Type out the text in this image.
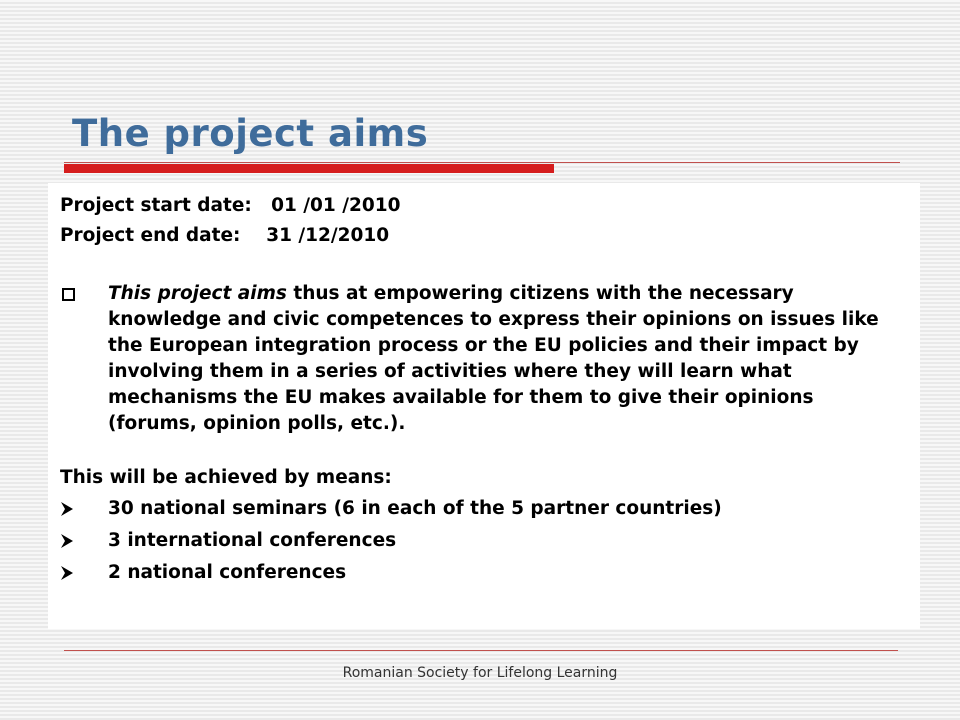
The project aims
Project start date:   01 /01 /2010
Project end date:    31 /12/2010
This project aims thus at empowering citizens with the necessary knowledge and civic competences to express their opinions on issues like the European integration process or the EU policies and their impact by involving them in a series of activities where they will learn what mechanisms the EU makes available for them to give their opinions (forums, opinion polls, etc.).
This will be achieved by means:
30 national seminars (6 in each of the 5 partner countries)
3 international conferences
2 national conferences
Romanian Society for Lifelong Learning
